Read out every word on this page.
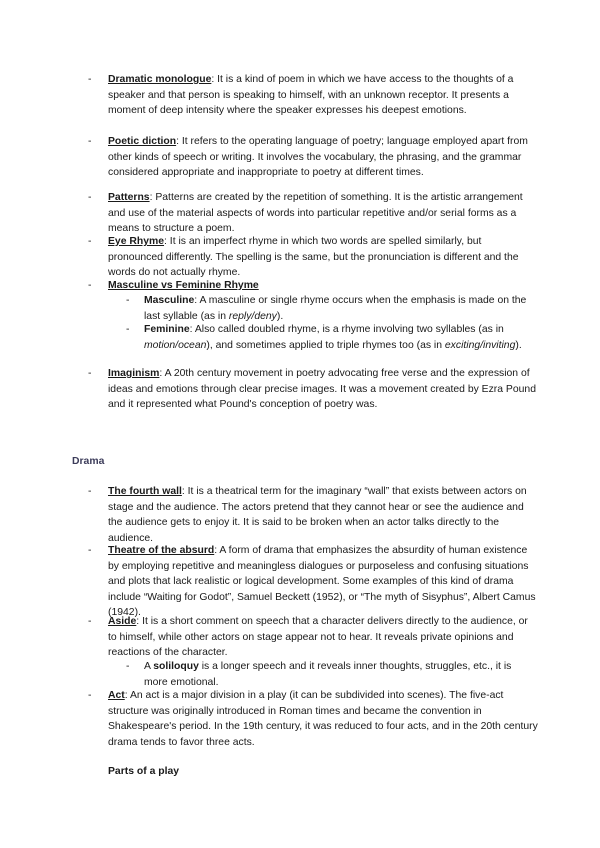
-	Dramatic monologue: It is a kind of poem in which we have access to the thoughts of a speaker and that person is speaking to himself, with an unknown receptor. It presents a moment of deep intensity where the speaker expresses his deepest emotions.
-	Poetic diction: It refers to the operating language of poetry; language employed apart from other kinds of speech or writing. It involves the vocabulary, the phrasing, and the grammar considered appropriate and inappropriate to poetry at different times.
-	Patterns: Patterns are created by the repetition of something. It is the artistic arrangement and use of the material aspects of words into particular repetitive and/or serial forms as a means to structure a poem.
-	Eye Rhyme: It is an imperfect rhyme in which two words are spelled similarly, but pronounced differently. The spelling is the same, but the pronunciation is different and the words do not actually rhyme.
-	Masculine vs Feminine Rhyme
- Masculine: A masculine or single rhyme occurs when the emphasis is made on the last syllable (as in reply/deny).
- Feminine: Also called doubled rhyme, is a rhyme involving two syllables (as in motion/ocean), and sometimes applied to triple rhymes too (as in exciting/inviting).
-	Imaginism: A 20th century movement in poetry advocating free verse and the expression of ideas and emotions through clear precise images. It was a movement created by Ezra Pound and it represented what Pound's conception of poetry was.
Drama
-	The fourth wall: It is a theatrical term for the imaginary “wall” that exists between actors on stage and the audience. The actors pretend that they cannot hear or see the audience and the audience gets to enjoy it. It is said to be broken when an actor talks directly to the audience.
-	Theatre of the absurd: A form of drama that emphasizes the absurdity of human existence by employing repetitive and meaningless dialogues or purposeless and confusing situations and plots that lack realistic or logical development. Some examples of this kind of drama include “Waiting for Godot”, Samuel Beckett (1952), or “The myth of Sisyphus”, Albert Camus (1942).
-	Aside: It is a short comment on speech that a character delivers directly to the audience, or to himself, while other actors on stage appear not to hear. It reveals private opinions and reactions of the character.
- A soliloquy is a longer speech and it reveals inner thoughts, struggles, etc., it is more emotional.
-	Act: An act is a major division in a play (it can be subdivided into scenes). The five-act structure was originally introduced in Roman times and became the convention in Shakespeare's period. In the 19th century, it was reduced to four acts, and in the 20th century drama tends to favor three acts.
Parts of a play
